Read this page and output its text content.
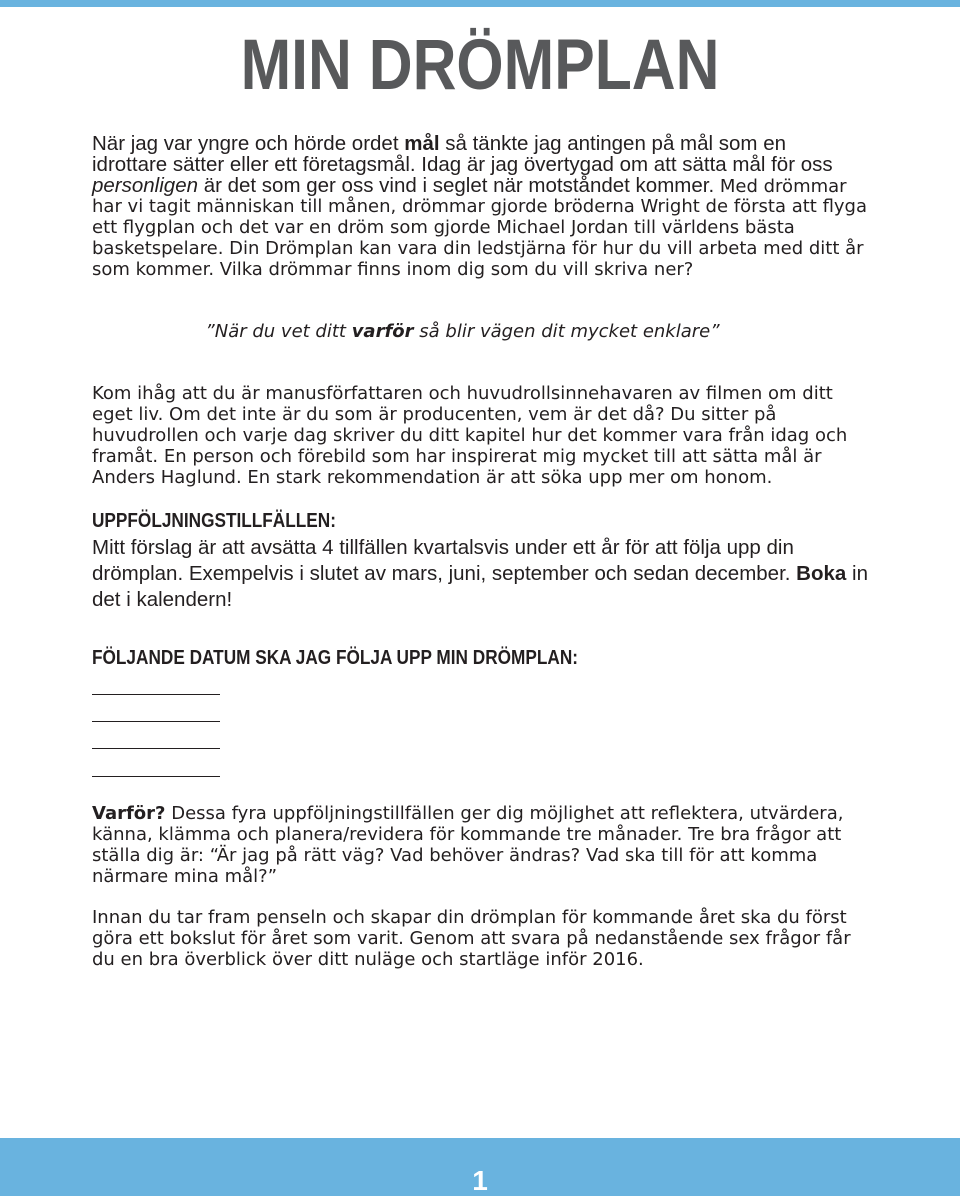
MIN DRÖMPLAN
När jag var yngre och hörde ordet mål så tänkte jag antingen på mål som en
idrottare sätter eller ett företagsmål. Idag är jag övertygad om att sätta mål för oss
personligen är det som ger oss vind i seglet när motståndet kommer. Med drömmar
har vi tagit människan till månen, drömmar gjorde bröderna Wright de första att flyga
ett flygplan och det var en dröm som gjorde Michael Jordan till världens bästa
basketspelare. Din Drömplan kan vara din ledstjärna för hur du vill arbeta med ditt år
som kommer. Vilka drömmar finns inom dig som du vill skriva ner?
”När du vet ditt varför så blir vägen dit mycket enklare”
Kom ihåg att du är manusförfattaren och huvudrollsinnehavaren av filmen om ditt
eget liv. Om det inte är du som är producenten, vem är det då? Du sitter på
huvudrollen och varje dag skriver du ditt kapitel hur det kommer vara från idag och
framåt. En person och förebild som har inspirerat mig mycket till att sätta mål är
Anders Haglund. En stark rekommendation är att söka upp mer om honom.
UPPFÖLJNINGSTILLFÄLLEN:
Mitt förslag är att avsätta 4 tillfällen kvartalsvis under ett år för att följa upp din
drömplan. Exempelvis i slutet av mars, juni, september och sedan december. Boka in
det i kalendern!
FÖLJANDE DATUM SKA JAG FÖLJA UPP MIN DRÖMPLAN:
Varför? Dessa fyra uppföljningstillfällen ger dig möjlighet att reflektera, utvärdera,
känna, klämma och planera/revidera för kommande tre månader. Tre bra frågor att
ställa dig är: “Är jag på rätt väg? Vad behöver ändras? Vad ska till för att komma
närmare mina mål?”
Innan du tar fram penseln och skapar din drömplan för kommande året ska du först
göra ett bokslut för året som varit. Genom att svara på nedanstående sex frågor får
du en bra överblick över ditt nuläge och startläge inför 2016.
1
